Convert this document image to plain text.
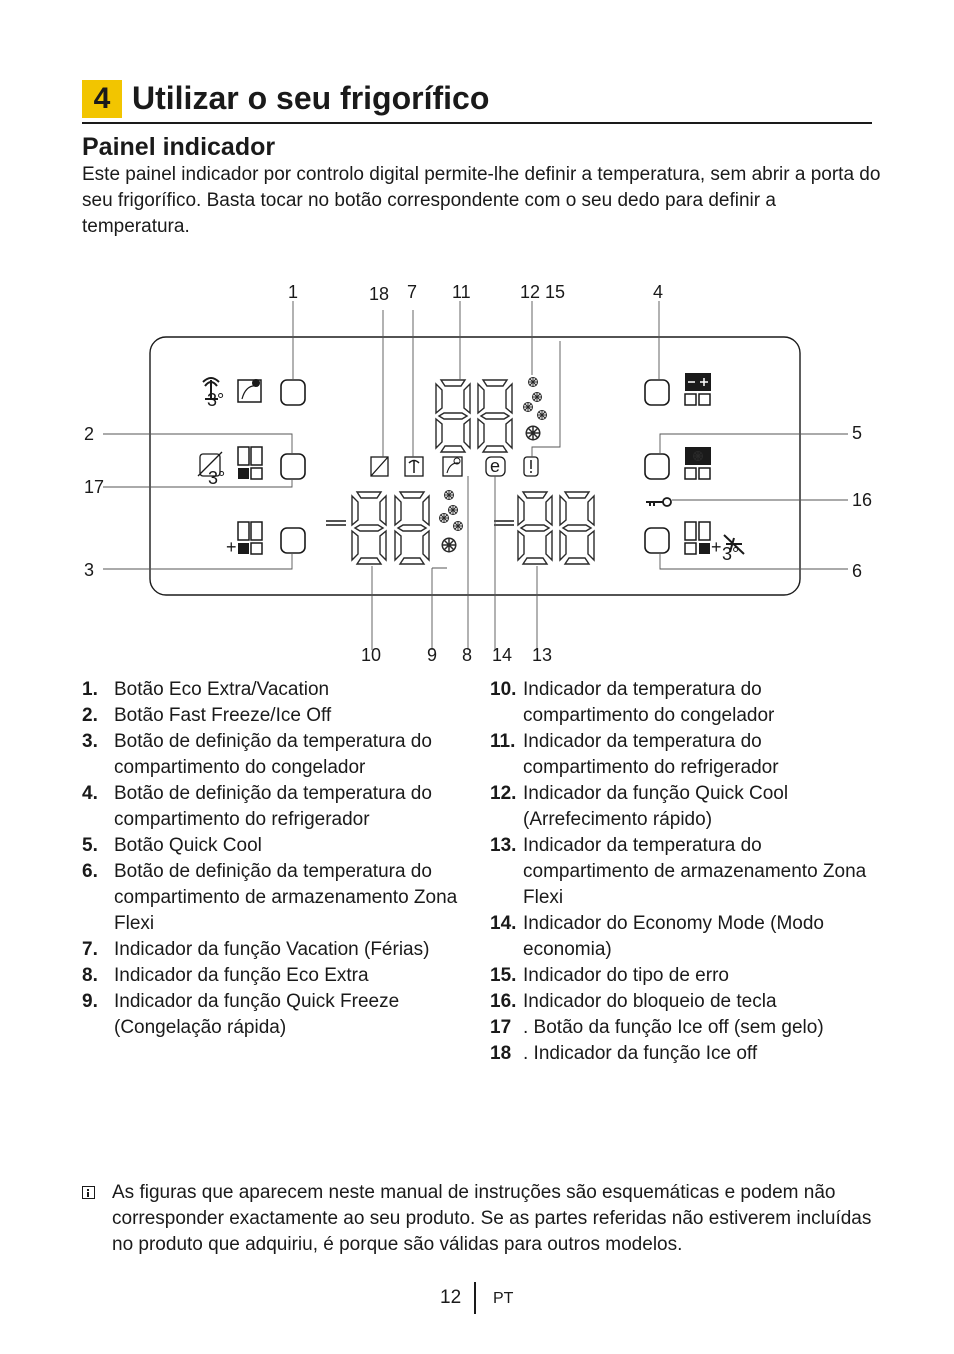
4 Utilizar o seu frigorífico
Painel indicador
Este painel indicador por controlo digital permite-lhe definir a temperatura, sem abrir a porta do seu frigorífico. Basta tocar no botão correspondente com o seu dedo para definir a temperatura.
3°
3°
+	+ 3°
e
1	18 7 11	12 15	4
2
17
3
5
16
6
10	9 8 14 13
1. Botão Eco Extra/Vacation
2. Botão Fast Freeze/Ice Off
3. Botão de definição da temperatura do compartimento do congelador
4. Botão de definição da temperatura do compartimento do refrigerador
5. Botão Quick Cool
6. Botão de definição da temperatura do compartimento de armazenamento Zona Flexi
7. Indicador da função Vacation (Férias)
8. Indicador da função Eco Extra
9. Indicador da função Quick Freeze (Congelação rápida)
10. Indicador da temperatura do compartimento do congelador
11. Indicador da temperatura do compartimento do refrigerador
12. Indicador da função Quick Cool (Arrefecimento rápido)
13. Indicador da temperatura do compartimento de armazenamento Zona Flexi
14. Indicador do Economy Mode (Modo economia)
15. Indicador do tipo de erro
16. Indicador do bloqueio de tecla
17 . Botão da função Ice off (sem gelo)
18 . Indicador da função Ice off
As figuras que aparecem neste manual de instruções são esquemáticas e podem não corresponder exactamente ao seu produto. Se as partes referidas não estiverem incluídas no produto que adquiriu, é porque são válidas para outros modelos.
12 PT
